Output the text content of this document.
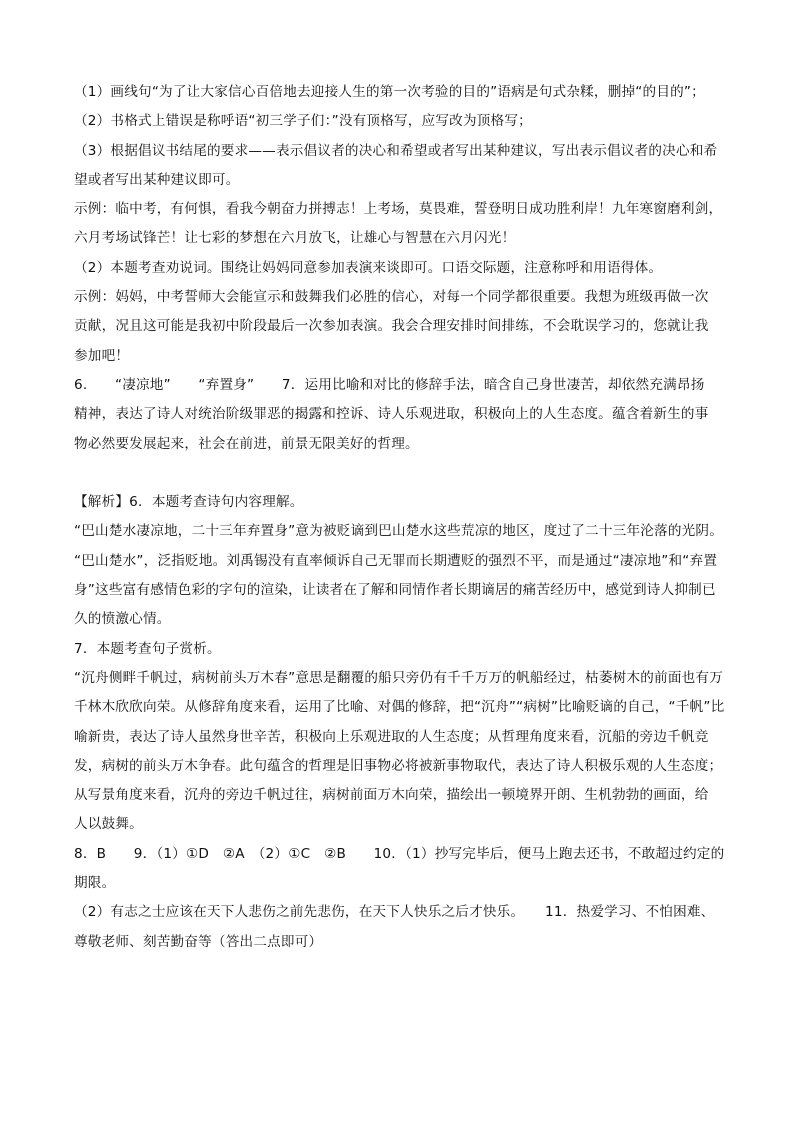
（1）画线句“为了让大家信心百倍地去迎接人生的第一次考验的目的”语病是句式杂糅，删掉“的目的”；
（2）书格式上错误是称呼语“初三学子们：”没有顶格写，应写改为顶格写；
（3）根据倡议书结尾的要求——表示倡议者的决心和希望或者写出某种建议，写出表示倡议者的决心和希
望或者写出某种建议即可。
示例：临中考，有何惧，看我今朝奋力拼搏志！上考场，莫畏难，誓登明日成功胜利岸！九年寒窗磨利剑，
六月考场试锋芒！让七彩的梦想在六月放飞，让雄心与智慧在六月闪光！
（2）本题考查劝说词。围绕让妈妈同意参加表演来谈即可。口语交际题，注意称呼和用语得体。
示例：妈妈，中考誓师大会能宣示和鼓舞我们必胜的信心，对每一个同学都很重要。我想为班级再做一次
贡献，况且这可能是我初中阶段最后一次参加表演。我会合理安排时间排练，不会耽误学习的，您就让我
参加吧！
6.　　“凄凉地”　　“弃置身”　　7．运用比喻和对比的修辞手法，暗含自己身世凄苦，却依然充满昂扬
精神，表达了诗人对统治阶级罪恶的揭露和控诉、诗人乐观进取，积极向上的人生态度。蕴含着新生的事
物必然要发展起来，社会在前进，前景无限美好的哲理。
【解析】6．本题考查诗句内容理解。
“巴山楚水凄凉地，二十三年弃置身”意为被贬谪到巴山楚水这些荒凉的地区，度过了二十三年沦落的光阴。
“巴山楚水”，泛指贬地。刘禹锡没有直率倾诉自己无罪而长期遭贬的强烈不平，而是通过“凄凉地”和“弃置
身”这些富有感情色彩的字句的渲染，让读者在了解和同情作者长期谪居的痛苦经历中，感觉到诗人抑制已
久的愤激心情。
7．本题考查句子赏析。
“沉舟侧畔千帆过，病树前头万木春”意思是翻覆的船只旁仍有千千万万的帆船经过，枯萎树木的前面也有万
千林木欣欣向荣。从修辞角度来看，运用了比喻、对偶的修辞，把“沉舟”“病树”比喻贬谪的自己，“千帆”比
喻新贵，表达了诗人虽然身世辛苦，积极向上乐观进取的人生态度；从哲理角度来看，沉船的旁边千帆竞
发，病树的前头万木争春。此句蕴含的哲理是旧事物必将被新事物取代，表达了诗人积极乐观的人生态度；
从写景角度来看，沉舟的旁边千帆过往，病树前面万木向荣，描绘出一顿境界开朗、生机勃勃的画面，给
人以鼓舞。
8．B　　9．（1）①D　②A　（2）①C　②B　　10．（1）抄写完毕后，便马上跑去还书，不敢超过约定的
期限。
（2）有志之士应该在天下人悲伤之前先悲伤，在天下人快乐之后才快乐。　　11．热爱学习、不怕困难、
尊敬老师、刻苦勤奋等（答出二点即可）
